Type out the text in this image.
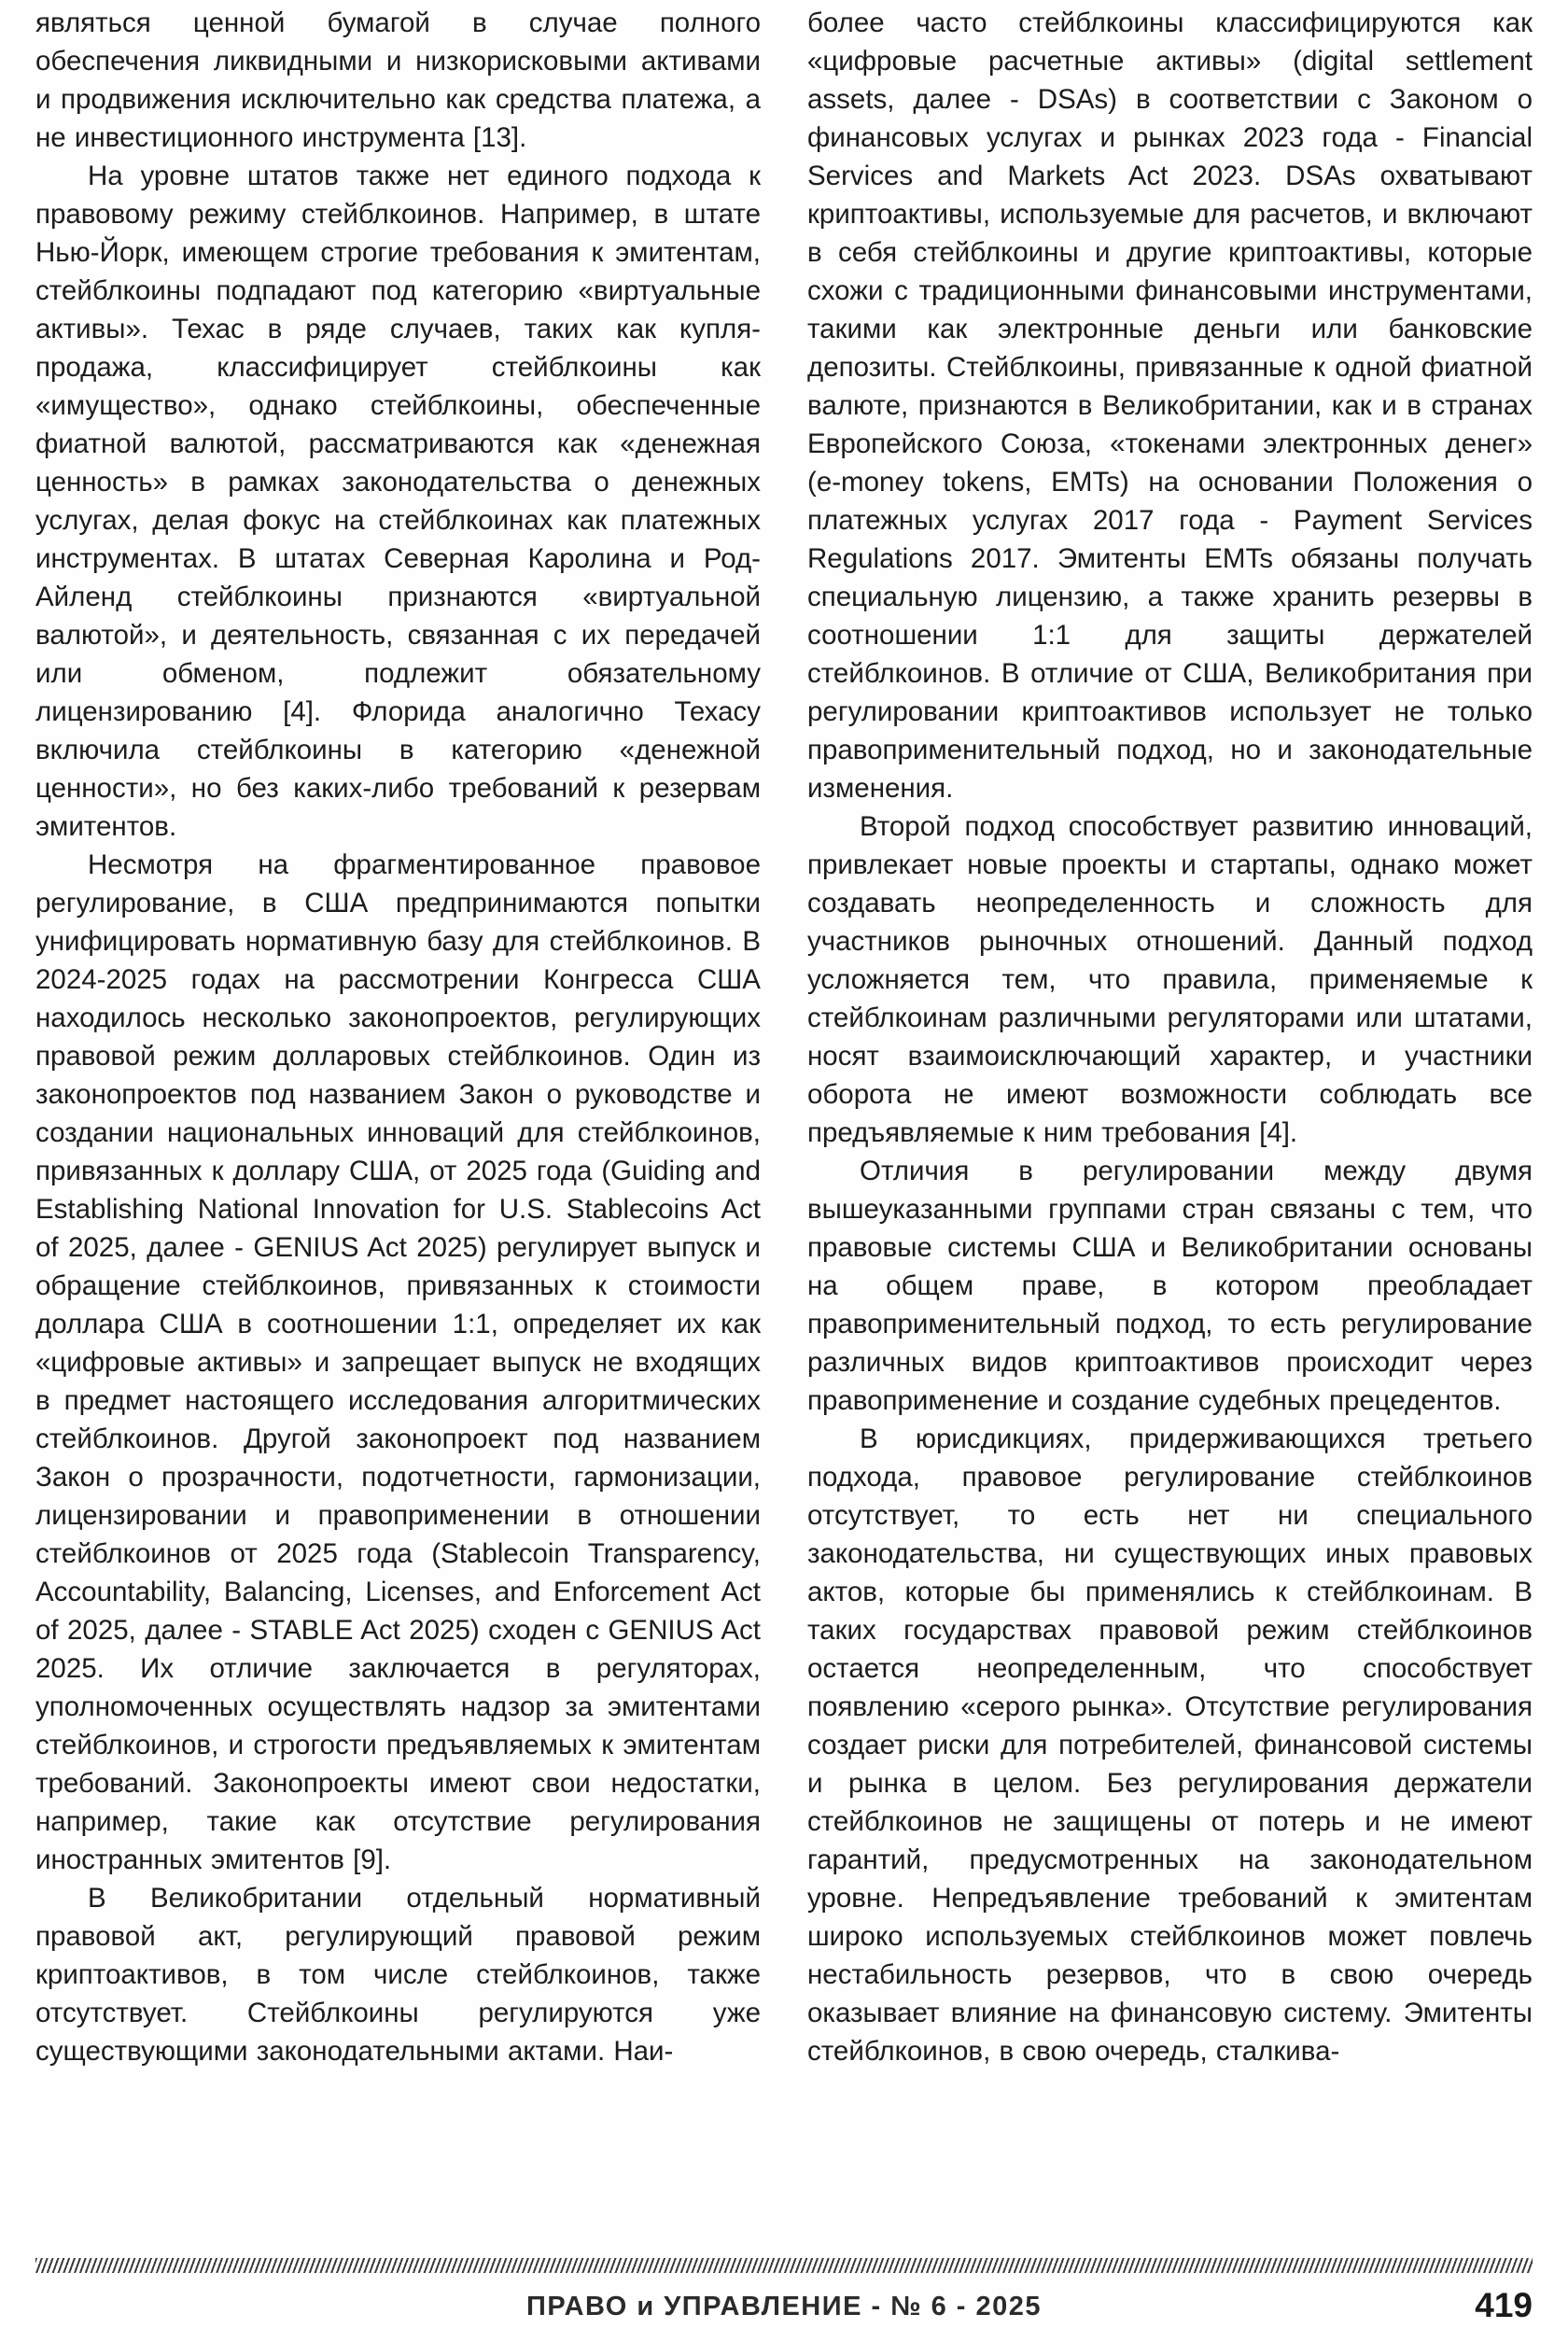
являться ценной бумагой в случае полного обеспечения ликвидными и низкорисковыми активами и продвижения исключительно как средства платежа, а не инвестиционного инструмента [13].

На уровне штатов также нет единого подхода к правовому режиму стейблкоинов. Например, в штате Нью-Йорк, имеющем строгие требования к эмитентам, стейблкоины подпадают под категорию «виртуальные активы». Техас в ряде случаев, таких как купля-продажа, классифицирует стейблкоины как «имущество», однако стейблкоины, обеспеченные фиатной валютой, рассматриваются как «денежная ценность» в рамках законодательства о денежных услугах, делая фокус на стейблкоинах как платежных инструментах. В штатах Северная Каролина и Род-Айленд стейблкоины признаются «виртуальной валютой», и деятельность, связанная с их передачей или обменом, подлежит обязательному лицензированию [4]. Флорида аналогично Техасу включила стейблкоины в категорию «денежной ценности», но без каких-либо требований к резервам эмитентов.

Несмотря на фрагментированное правовое регулирование, в США предпринимаются попытки унифицировать нормативную базу для стейблкоинов. В 2024-2025 годах на рассмотрении Конгресса США находилось несколько законопроектов, регулирующих правовой режим долларовых стейблкоинов. Один из законопроектов под названием Закон о руководстве и создании национальных инноваций для стейблкоинов, привязанных к доллару США, от 2025 года (Guiding and Establishing National Innovation for U.S. Stablecoins Act of 2025, далее - GENIUS Act 2025) регулирует выпуск и обращение стейблкоинов, привязанных к стоимости доллара США в соотношении 1:1, определяет их как «цифровые активы» и запрещает выпуск не входящих в предмет настоящего исследования алгоритмических стейблкоинов. Другой законопроект под названием Закон о прозрачности, подотчетности, гармонизации, лицензировании и правоприменении в отношении стейблкоинов от 2025 года (Stablecoin Transparency, Accountability, Balancing, Licenses, and Enforcement Act of 2025, далее - STABLE Act 2025) сходен с GENIUS Act 2025. Их отличие заключается в регуляторах, уполномоченных осуществлять надзор за эмитентами стейблкоинов, и строгости предъявляемых к эмитентам требований. Законопроекты имеют свои недостатки, например, такие как отсутствие регулирования иностранных эмитентов [9].

В Великобритании отдельный нормативный правовой акт, регулирующий правовой режим криптоактивов, в том числе стейблкоинов, также отсутствует. Стейблкоины регулируются уже существующими законодательными актами. Наи-

более часто стейблкоины классифицируются как «цифровые расчетные активы» (digital settlement assets, далее - DSAs) в соответствии с Законом о финансовых услугах и рынках 2023 года - Financial Services and Markets Act 2023. DSAs охватывают криптоактивы, используемые для расчетов, и включают в себя стейблкоины и другие криптоактивы, которые схожи с традиционными финансовыми инструментами, такими как электронные деньги или банковские депозиты. Стейблкоины, привязанные к одной фиатной валюте, признаются в Великобритании, как и в странах Европейского Союза, «токенами электронных денег» (e-money tokens, EMTs) на основании Положения о платежных услугах 2017 года - Payment Services Regulations 2017. Эмитенты EMTs обязаны получать специальную лицензию, а также хранить резервы в соотношении 1:1 для защиты держателей стейблкоинов. В отличие от США, Великобритания при регулировании криптоактивов использует не только правоприменительный подход, но и законодательные изменения.

Второй подход способствует развитию инноваций, привлекает новые проекты и стартапы, однако может создавать неопределенность и сложность для участников рыночных отношений. Данный подход усложняется тем, что правила, применяемые к стейблкоинам различными регуляторами или штатами, носят взаимоисключающий характер, и участники оборота не имеют возможности соблюдать все предъявляемые к ним требования [4].

Отличия в регулировании между двумя вышеуказанными группами стран связаны с тем, что правовые системы США и Великобритании основаны на общем праве, в котором преобладает правоприменительный подход, то есть регулирование различных видов криптоактивов происходит через правоприменение и создание судебных прецедентов.

В юрисдикциях, придерживающихся третьего подхода, правовое регулирование стейблкоинов отсутствует, то есть нет ни специального законодательства, ни существующих иных правовых актов, которые бы применялись к стейблкоинам. В таких государствах правовой режим стейблкоинов остается неопределенным, что способствует появлению «серого рынка». Отсутствие регулирования создает риски для потребителей, финансовой системы и рынка в целом. Без регулирования держатели стейблкоинов не защищены от потерь и не имеют гарантий, предусмотренных на законодательном уровне. Непредъявление требований к эмитентам широко используемых стейблкоинов может повлечь нестабильность резервов, что в свою очередь оказывает влияние на финансовую систему. Эмитенты стейблкоинов, в свою очередь, сталкива-

ПРАВО и УПРАВЛЕНИЕ - № 6 - 2025	419
